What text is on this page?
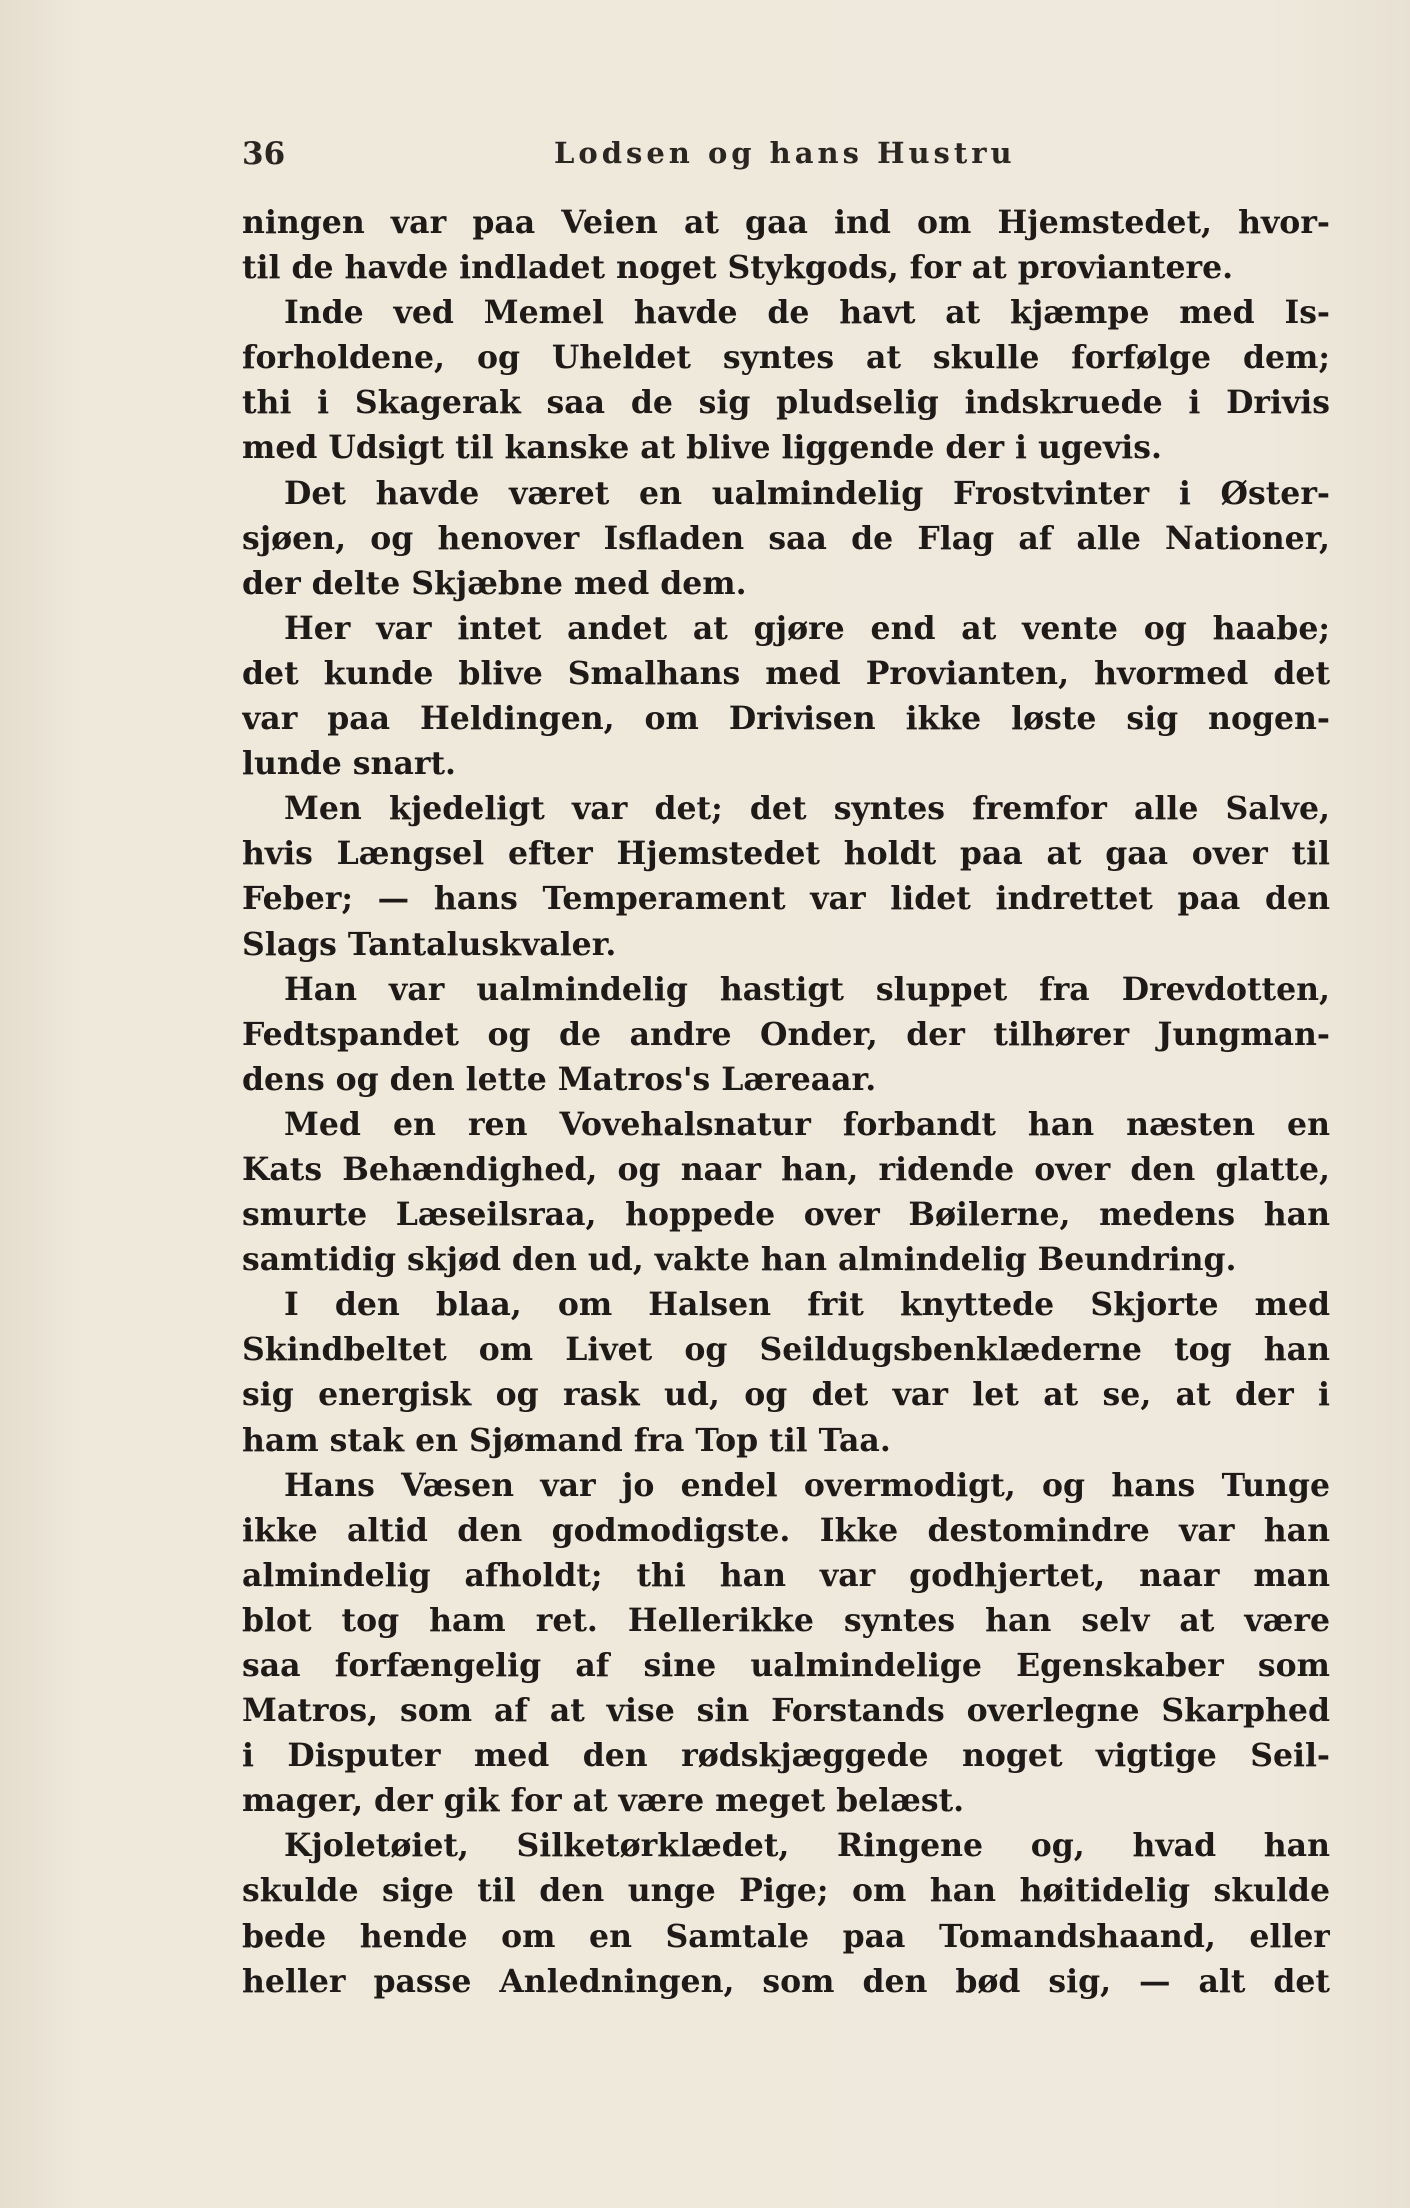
36	Lodsen og hans Hustru
ningen var paa Veien at gaa ind om Hjemstedet, hvor-
til de havde indladet noget Stykgods, for at proviantere.
Inde ved Memel havde de havt at kjæmpe med Is-
forholdene, og Uheldet syntes at skulle forfølge dem;
thi i Skagerak saa de sig pludselig indskruede i Drivis
med Udsigt til kanske at blive liggende der i ugevis.
Det havde været en ualmindelig Frostvinter i Øster-
sjøen, og henover Isfladen saa de Flag af alle Nationer,
der delte Skjæbne med dem.
Her var intet andet at gjøre end at vente og haabe;
det kunde blive Smalhans med Provianten, hvormed det
var paa Heldingen, om Drivisen ikke løste sig nogen-
lunde snart.
Men kjedeligt var det; det syntes fremfor alle Salve,
hvis Længsel efter Hjemstedet holdt paa at gaa over til
Feber; — hans Temperament var lidet indrettet paa den
Slags Tantaluskvaler.
Han var ualmindelig hastigt sluppet fra Drevdotten,
Fedtspandet og de andre Onder, der tilhører Jungman-
dens og den lette Matros's Læreaar.
Med en ren Vovehalsnatur forbandt han næsten en
Kats Behændighed, og naar han, ridende over den glatte,
smurte Læseilsraa, hoppede over Bøilerne, medens han
samtidig skjød den ud, vakte han almindelig Beundring.
I den blaa, om Halsen frit knyttede Skjorte med
Skindbeltet om Livet og Seildugsbenklæderne tog han
sig energisk og rask ud, og det var let at se, at der i
ham stak en Sjømand fra Top til Taa.
Hans Væsen var jo endel overmodigt, og hans Tunge
ikke altid den godmodigste. Ikke destomindre var han
almindelig afholdt; thi han var godhjertet, naar man
blot tog ham ret. Hellerikke syntes han selv at være
saa forfængelig af sine ualmindelige Egenskaber som
Matros, som af at vise sin Forstands overlegne Skarphed
i Disputer med den rødskjæggede noget vigtige Seil-
mager, der gik for at være meget belæst.
Kjoletøiet, Silketørklædet, Ringene og, hvad han
skulde sige til den unge Pige; om han høitidelig skulde
bede hende om en Samtale paa Tomandshaand, eller
heller passe Anledningen, som den bød sig, — alt det
